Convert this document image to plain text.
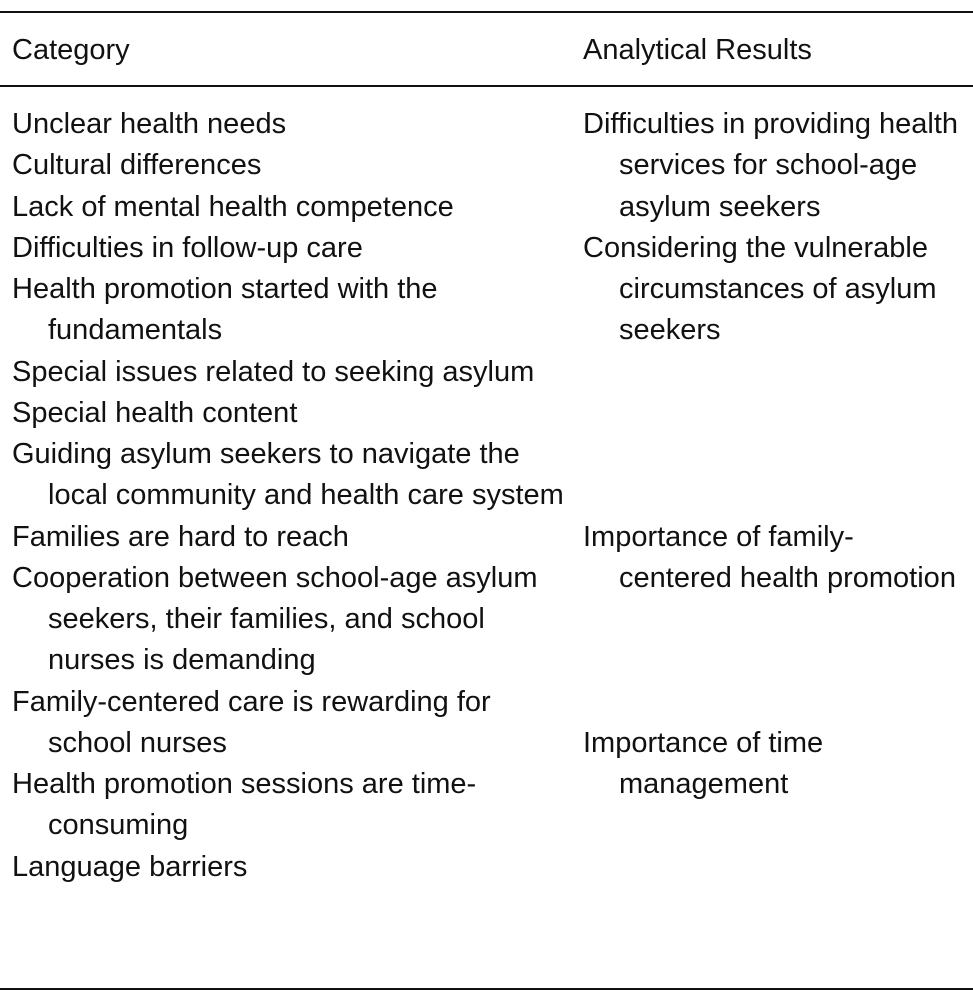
Category	Analytical Results
Unclear health needs
Cultural differences
Lack of mental health competence
Difficulties in follow-up care
Health promotion started with the fundamentals
Special issues related to seeking asylum
Special health content
Guiding asylum seekers to navigate the local community and health care system
Families are hard to reach
Cooperation between school-age asylum seekers, their families, and school nurses is demanding
Family-centered care is rewarding for school nurses
Health promotion sessions are time-consuming
Language barriers
Difficulties in providing health services for school-age asylum seekers
Considering the vulnerable circumstances of asylum seekers
Importance of family-centered health promotion
Importance of time management
